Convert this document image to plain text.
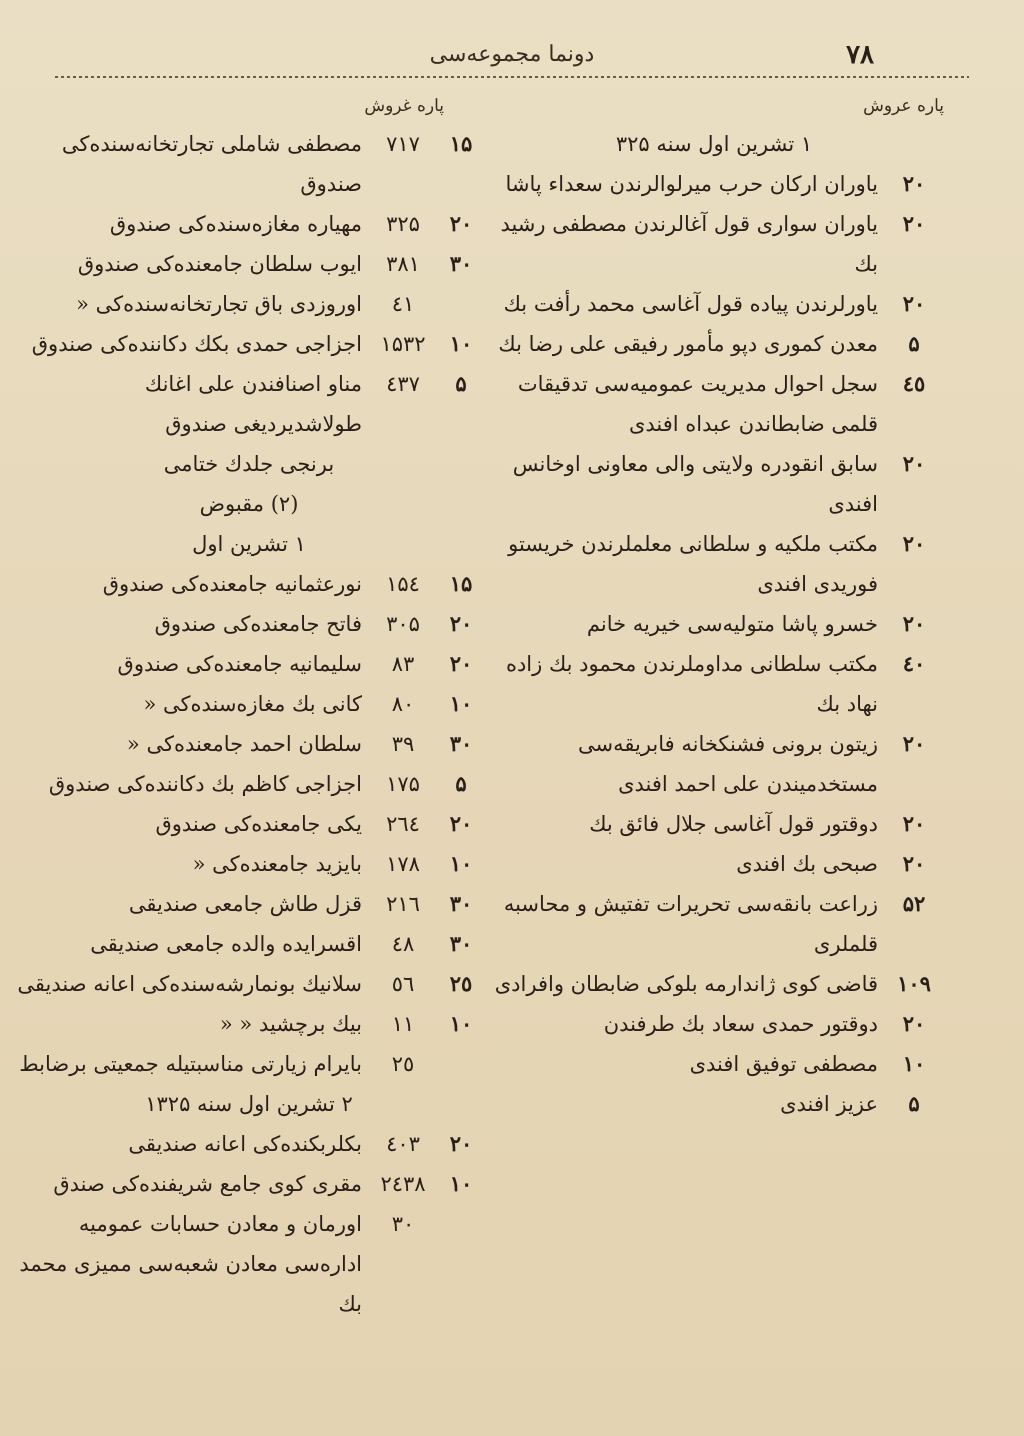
۷۸
دونما مجموعه‌سی
پاره عروش
۱ تشرین اول سنه ۳۲۵
۲۰
یاوران ارکان حرب میرلوالرندن سعداء پاشا
۲۰
یاوران سواری قول آغالرندن مصطفی رشید بك
۲۰
یاورلرندن پیاده قول آغاسی محمد رأفت بك
۵
معدن کموری دپو مأمور رفیقی علی رضا بك
٤٥
سجل احوال مدیریت عمومیه‌سی تدقیقات قلمی ضابطاندن عبداه افندی
۲۰
سابق انقودره ولایتی والی معاونی اوخانس افندی
۲۰
مکتب ملکیه و سلطانی معلملرندن خریستو فوریدی افندی
۲۰
خسرو پاشا متولیه‌سی خیریه خانم
٤۰
مکتب سلطانی مداوملرندن محمود بك زاده نهاد بك
۲۰
زیتون برونی فشنکخانه فابریقه‌سی مستخدمیندن علی احمد افندی
۲۰
دوقتور قول آغاسی جلال فائق بك
۲۰
صبحی بك افندی
۵۲
زراعت بانقه‌سی تحریرات تفتیش و محاسبه قلملری
۱۰۹
قاضی کوی ژاندارمه بلوکی ضابطان وافرادی
۲۰
دوقتور حمدی سعاد بك طرفندن
۱۰
مصطفی توفیق افندی
۵
عزیز افندی
پاره غروش
۱۵
۷۱۷
مصطفی شاملی تجارتخانه‌سنده‌کی صندوق
۲۰
۳۲۵
مهیاره مغازه‌سنده‌کی صندوق
۳۰
۳۸۱
ایوب سلطان جامعنده‌کی صندوق
٤۱
اوروزدی باق تجارتخانه‌سنده‌کی «
۱۰
۱۵۳۲
اجزاجی حمدی بکك دکاننده‌کی صندوق
۵
٤۳۷
مناو اصنافندن علی اغانك طولاشدیردیغی صندوق
برنجی جلدك ختامی
(۲) مقبوض
۱ تشرین اول
۱۵
۱۵٤
نورعثمانیه جامعنده‌کی صندوق
۲۰
۳۰۵
فاتح جامعنده‌کی صندوق
۲۰
۸۳
سلیمانیه جامعنده‌کی صندوق
۱۰
۸۰
کانی بك مغازه‌سنده‌کی «
۳۰
۳۹
سلطان احمد جامعنده‌کی «
۵
۱۷۵
اجزاجی کاظم بك دکاننده‌کی صندوق
۲۰
۲٦٤
یکی جامعنده‌کی صندوق
۱۰
۱۷۸
بایزید جامعنده‌کی «
۳۰
۲۱٦
قزل طاش جامعی صندیقی
۳۰
٤۸
اقسرایده والده جامعی صندیقی
۲٥
٥٦
سلانیك بونمارشه‌سنده‌کی اعانه صندیقی
۱۰
۱۱
بیك برچشید « «
۲٥
بایرام زیارتی مناسبتیله جمعیتی برضابط
۲ تشرین اول سنه ۱۳۲۵
۲۰
٤۰۳
بکلربکنده‌کی اعانه صندیقی
۱۰
۲٤۳۸
مقری کوی جامع شریفنده‌کی صندق
۳۰
اورمان و معادن حسابات عمومیه اداره‌سی معادن شعبه‌سی ممیزی محمد بك
